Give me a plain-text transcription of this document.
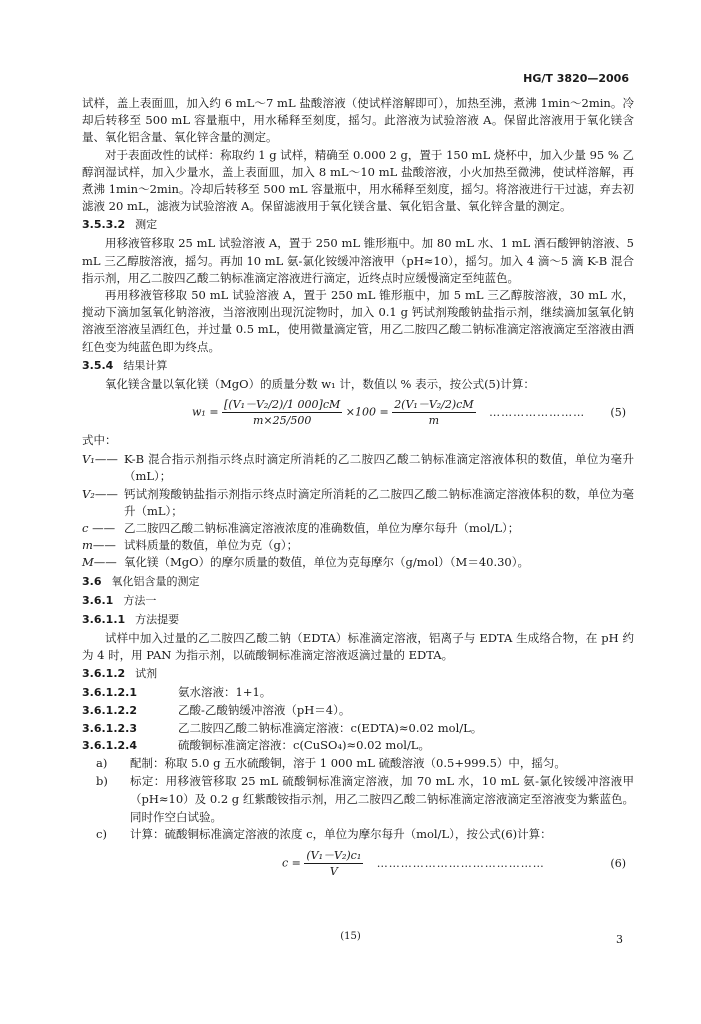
HG/T 3820—2006

试样，盖上表面皿，加入约 6 mL～7 mL 盐酸溶液（使试样溶解即可），加热至沸，煮沸 1min～2min。冷却后转移至 500 mL 容量瓶中，用水稀释至刻度，摇匀。此溶液为试验溶液 A。保留此溶液用于氧化镁含量、氧化铝含量、氧化锌含量的测定。

对于表面改性的试样：称取约 1 g 试样，精确至 0.000 2 g，置于 150 mL 烧杯中，加入少量 95 % 乙醇润湿试样，加入少量水，盖上表面皿，加入 8 mL～10 mL 盐酸溶液，小火加热至微沸，使试样溶解，再煮沸 1min～2min。冷却后转移至 500 mL 容量瓶中，用水稀释至刻度，摇匀。将溶液进行干过滤，弃去初滤液 20 mL，滤液为试验溶液 A。保留滤液用于氧化镁含量、氧化铝含量、氧化锌含量的测定。

3.5.3.2 测定

用移液管移取 25 mL 试验溶液 A，置于 250 mL 锥形瓶中。加 80 mL 水、1 mL 酒石酸钾钠溶液、5 mL 三乙醇胺溶液，摇匀。再加 10 mL 氨-氯化铵缓冲溶液甲（pH≈10），摇匀。加入 4 滴～5 滴 K-B 混合指示剂，用乙二胺四乙酸二钠标准滴定溶液进行滴定，近终点时应缓慢滴定至纯蓝色。

再用移液管移取 50 mL 试验溶液 A，置于 250 mL 锥形瓶中，加 5 mL 三乙醇胺溶液，30 mL 水，搅动下滴加氢氧化钠溶液，当溶液刚出现沉淀物时，加入 0.1 g 钙试剂羧酸钠盐指示剂，继续滴加氢氧化钠溶液至溶液呈酒红色，并过量 0.5 mL，使用微量滴定管，用乙二胺四乙酸二钠标准滴定溶液滴定至溶液由酒红色变为纯蓝色即为终点。

3.5.4 结果计算

氧化镁含量以氧化镁（MgO）的质量分数 w₁ 计，数值以 % 表示，按公式(5)计算：

$w_1 = \frac{\text{[(V₁－V₂/2)/1 000]cM}}{m\times 25/500} \times 100 = \frac{\text{2(V₁－V₂/2)cM}}{m}$ …………………… (5)

式中：

V₁—— K-B 混合指示剂指示终点时滴定所消耗的乙二胺四乙酸二钠标准滴定溶液体积的数值，单位为毫升（mL）；
V₂—— 钙试剂羧酸钠盐指示剂指示终点时滴定所消耗的乙二胺四乙酸二钠标准滴定溶液体积的数，单位为毫升（mL）；
c —— 乙二胺四乙酸二钠标准滴定溶液浓度的准确数值，单位为摩尔每升（mol/L）；
m—— 试料质量的数值，单位为克（g）；
M—— 氧化镁（MgO）的摩尔质量的数值，单位为克每摩尔（g/mol）（M＝40.30）。
3.6 氧化铝含量的测定
3.6.1 方法一
3.6.1.1 方法提要

试样中加入过量的乙二胺四乙酸二钠（EDTA）标准滴定溶液，铝离子与 EDTA 生成络合物，在 pH 约为 4 时，用 PAN 为指示剂，以硫酸铜标准滴定溶液返滴过量的 EDTA。

3.6.1.2 试剂
3.6.1.2.1	氨水溶液：1+1。
3.6.1.2.2	乙酸-乙酸钠缓冲溶液（pH＝4）。
3.6.1.2.3	乙二胺四乙酸二钠标准滴定溶液：c(EDTA)≈0.02 mol/L。
3.6.1.2.4	硫酸铜标准滴定溶液：c(CuSO₄)≈0.02 mol/L。
a)	配制：称取 5.0 g 五水硫酸铜，溶于 1 000 mL 硫酸溶液（0.5+999.5）中，摇匀。
b)	标定：用移液管移取 25 mL 硫酸铜标准滴定溶液，加 70 mL 水，10 mL 氨-氯化铵缓冲溶液甲（pH≈10）及 0.2 g 红紫酸铵指示剂，用乙二胺四乙酸二钠标准滴定溶液滴定至溶液变为紫蓝色。同时作空白试验。
c)	计算：硫酸铜标准滴定溶液的浓度 c，单位为摩尔每升（mol/L），按公式(6)计算：
$c = \frac{\text{(V₁－V₂)c₁}}{V}$ ……………………………………	(6)
(15)	3
